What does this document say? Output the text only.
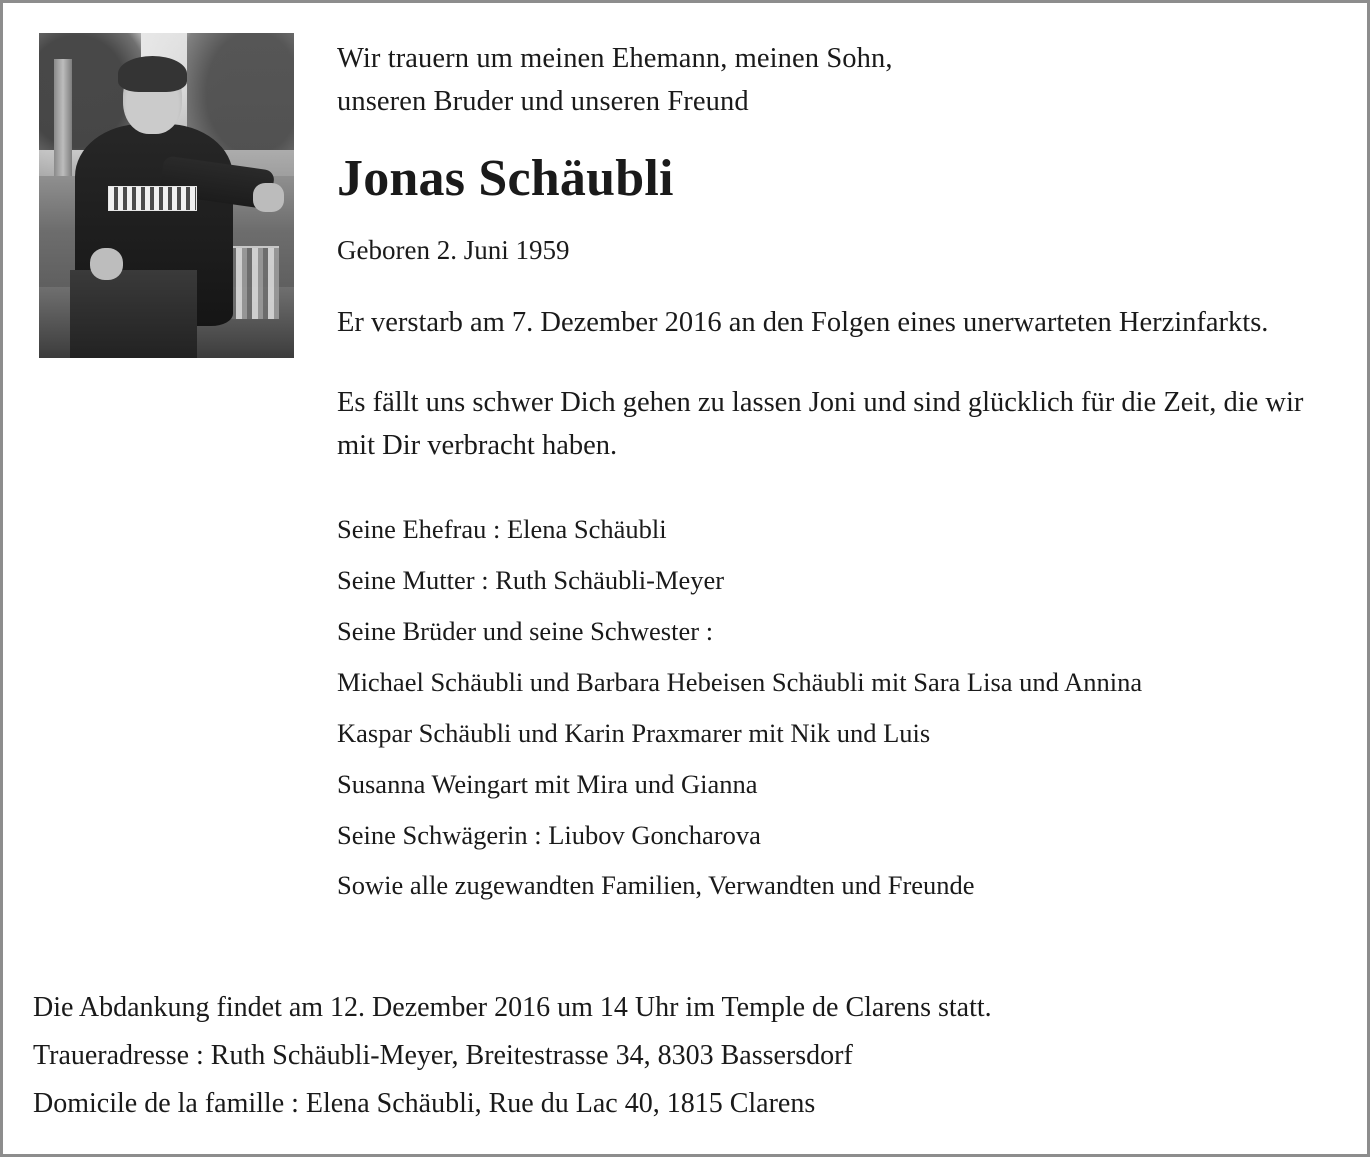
Wir trauern um meinen Ehemann, meinen Sohn,
unseren Bruder und unseren Freund
Jonas Schäubli
Geboren 2. Juni 1959
Er verstarb am 7. Dezember 2016 an den Folgen eines unerwarteten Herzinfarkts.
Es fällt uns schwer Dich gehen zu lassen Joni und sind glücklich für die Zeit, die wir mit Dir verbracht haben.
Seine Ehefrau : Elena Schäubli
Seine Mutter : Ruth Schäubli-Meyer
Seine Brüder und seine Schwester :
Michael Schäubli und Barbara Hebeisen Schäubli mit Sara Lisa und Annina
Kaspar Schäubli und Karin Praxmarer mit Nik und Luis
Susanna Weingart mit Mira und Gianna
Seine Schwägerin : Liubov Goncharova
Sowie alle zugewandten Familien, Verwandten und Freunde
Die Abdankung findet am 12. Dezember 2016 um 14 Uhr im Temple de Clarens statt.
Traueradresse : Ruth Schäubli-Meyer, Breitestrasse 34, 8303 Bassersdorf
Domicile de la famille : Elena Schäubli, Rue du Lac 40, 1815 Clarens
